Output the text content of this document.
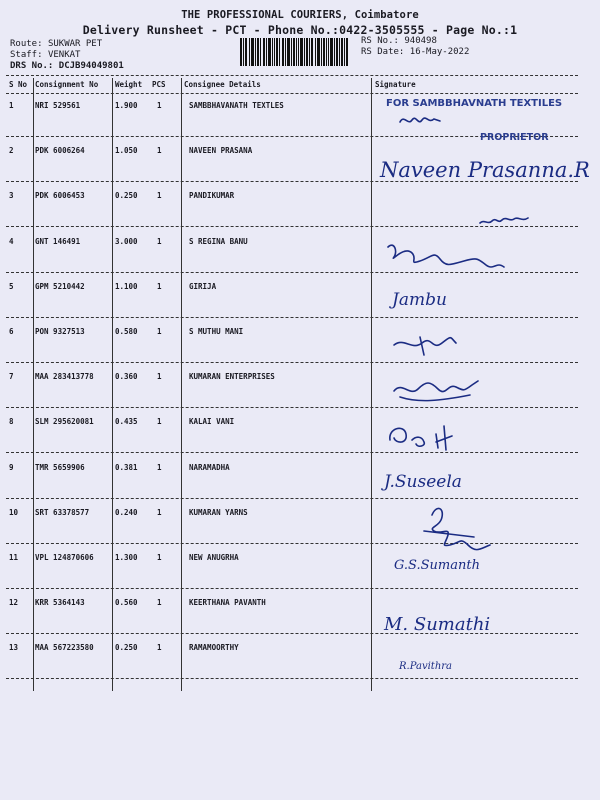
THE PROFESSIONAL COURIERS, Coimbatore
Delivery Runsheet - PCT - Phone No.:0422-3505555 - Page No.:1
Route: SUKWAR PET
Staff: VENKAT
DRS No.: DCJB94049801
RS No.: 940498
RS Date: 16-May-2022
S No Consignment No Weight PCS Consignee Details	Signature
1	NRI 529561	1.900	1	SAMBBHAVANATH TEXTLES
2	PDK 6006264	1.050	1	NAVEEN PRASANA
3	PDK 6006453	0.250	1	PANDIKUMAR
4	GNT 146491	3.000	1	S REGINA BANU
5	GPM 5210442	1.100	1	GIRIJA
6	PON 9327513	0.580	1	S MUTHU MANI
7	MAA 283413778	0.360	1	KUMARAN ENTERPRISES
8	SLM 295620081	0.435	1	KALAI VANI
9	TMR 5659906	0.381	1	NARAMADHA
10 SRT 63378577	0.240	1	KUMARAN YARNS
11 VPL 124870606	1.300	1	NEW ANUGRHA
12 KRR 5364143	0.560	1	KEERTHANA PAVANTH
13 MAA 567223580	0.250	1	RAMAMOORTHY
FOR SAMBBHAVNATH TEXTILES
PROPRIETOR
Naveen Prasanna.R
Jambu
J.Suseela
G.S.Sumanth
M. Sumathi
R.Pavithra
